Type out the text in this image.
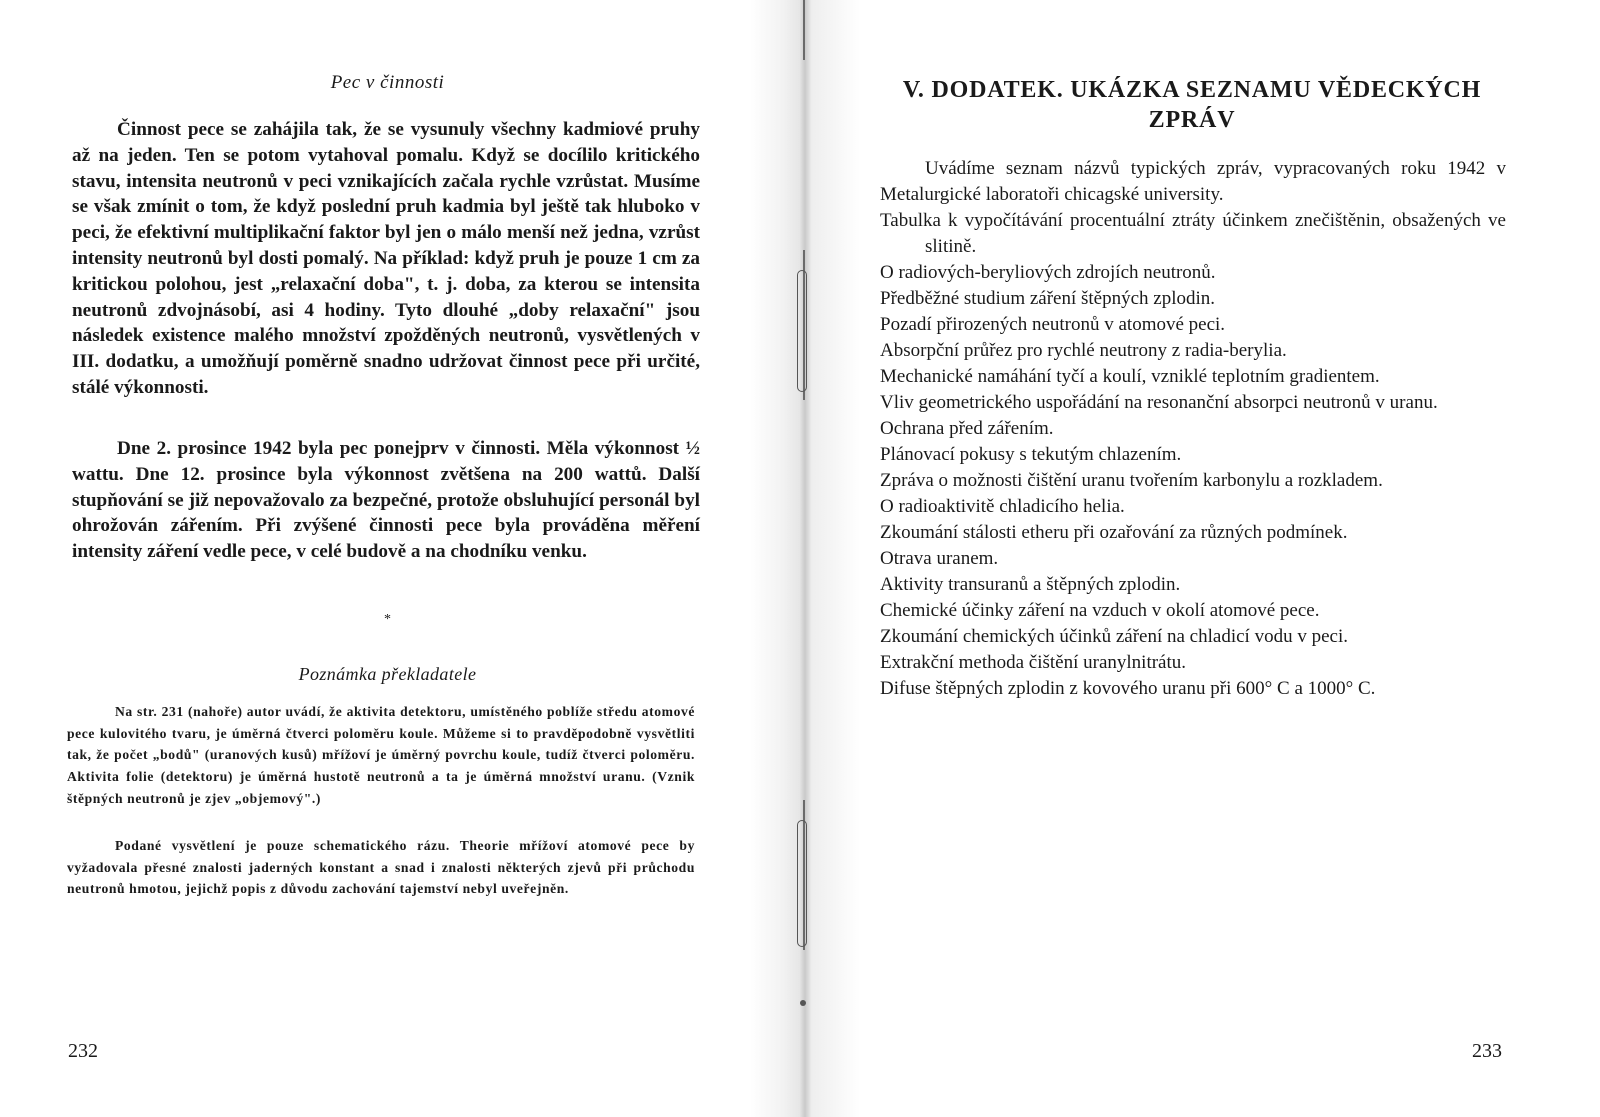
Pec v činnosti

Činnost pece se zahájila tak, že se vysunuly všechny kadmiové pruhy až na jeden. Ten se potom vytahoval pomalu. Když se docílilo kritického stavu, intensita neutronů v peci vznikajících začala rychle vzrůstat. Musíme se však zmínit o tom, že když poslední pruh kadmia byl ještě tak hluboko v peci, že efektivní multiplikační faktor byl jen o málo menší než jedna, vzrůst intensity neutronů byl dosti pomalý. Na příklad: když pruh je pouze 1 cm za kritickou polohou, jest „relaxační doba", t. j. doba, za kterou se intensita neutronů zdvojnásobí, asi 4 hodiny. Tyto dlouhé „doby relaxační" jsou následek existence malého množství zpožděných neutronů, vysvětlených v III. dodatku, a umožňují poměrně snadno udržovat činnost pece při určité, stálé výkonnosti.

Dne 2. prosince 1942 byla pec ponejprv v činnosti. Měla výkonnost ½ wattu. Dne 12. prosince byla výkonnost zvětšena na 200 wattů. Další stupňování se již nepovažovalo za bezpečné, protože obsluhující personál byl ohrožován zářením. Při zvýšené činnosti pece byla prováděna měření intensity záření vedle pece, v celé budově a na chodníku venku.

*
Poznámka překladatele

Na str. 231 (nahoře) autor uvádí, že aktivita detektoru, umístěného poblíže středu atomové pece kulovitého tvaru, je úměrná čtverci poloměru koule. Můžeme si to pravděpodobně vysvětliti tak, že počet „bodů" (uranových kusů) mřížoví je úměrný povrchu koule, tudíž čtverci poloměru. Aktivita folie (detektoru) je úměrná hustotě neutronů a ta je úměrná množství uranu. (Vznik štěpných neutronů je zjev „objemový".)

Podané vysvětlení je pouze schematického rázu. Theorie mřížoví atomové pece by vyžadovala přesné znalosti jaderných konstant a snad i znalosti některých zjevů při průchodu neutronů hmotou, jejichž popis z důvodu zachování tajemství nebyl uveřejněn.

232
V. DODATEK. UKÁZKA SEZNAMU VĚDECKÝCH ZPRÁV
Uvádíme seznam názvů typických zpráv, vypracovaných roku 1942 v Metalurgické laboratoři chicagské university.
Tabulka k vypočítávání procentuální ztráty účinkem znečištěnin, obsažených ve slitině.
O radiových-beryliových zdrojích neutronů.
Předběžné studium záření štěpných zplodin.
Pozadí přirozených neutronů v atomové peci.
Absorpční průřez pro rychlé neutrony z radia-berylia.
Mechanické namáhání tyčí a koulí, vzniklé teplotním gradientem.
Vliv geometrického uspořádání na resonanční absorpci neutronů v uranu.
Ochrana před zářením.
Plánovací pokusy s tekutým chlazením.
Zpráva o možnosti čištění uranu tvořením karbonylu a rozkladem.
O radioaktivitě chladicího helia.
Zkoumání stálosti etheru při ozařování za různých podmínek.
Otrava uranem.
Aktivity transuranů a štěpných zplodin.
Chemické účinky záření na vzduch v okolí atomové pece.
Zkoumání chemických účinků záření na chladicí vodu v peci.
Extrakční methoda čištění uranylnitrátu.
Difuse štěpných zplodin z kovového uranu při 600° C a 1000° C.
233
